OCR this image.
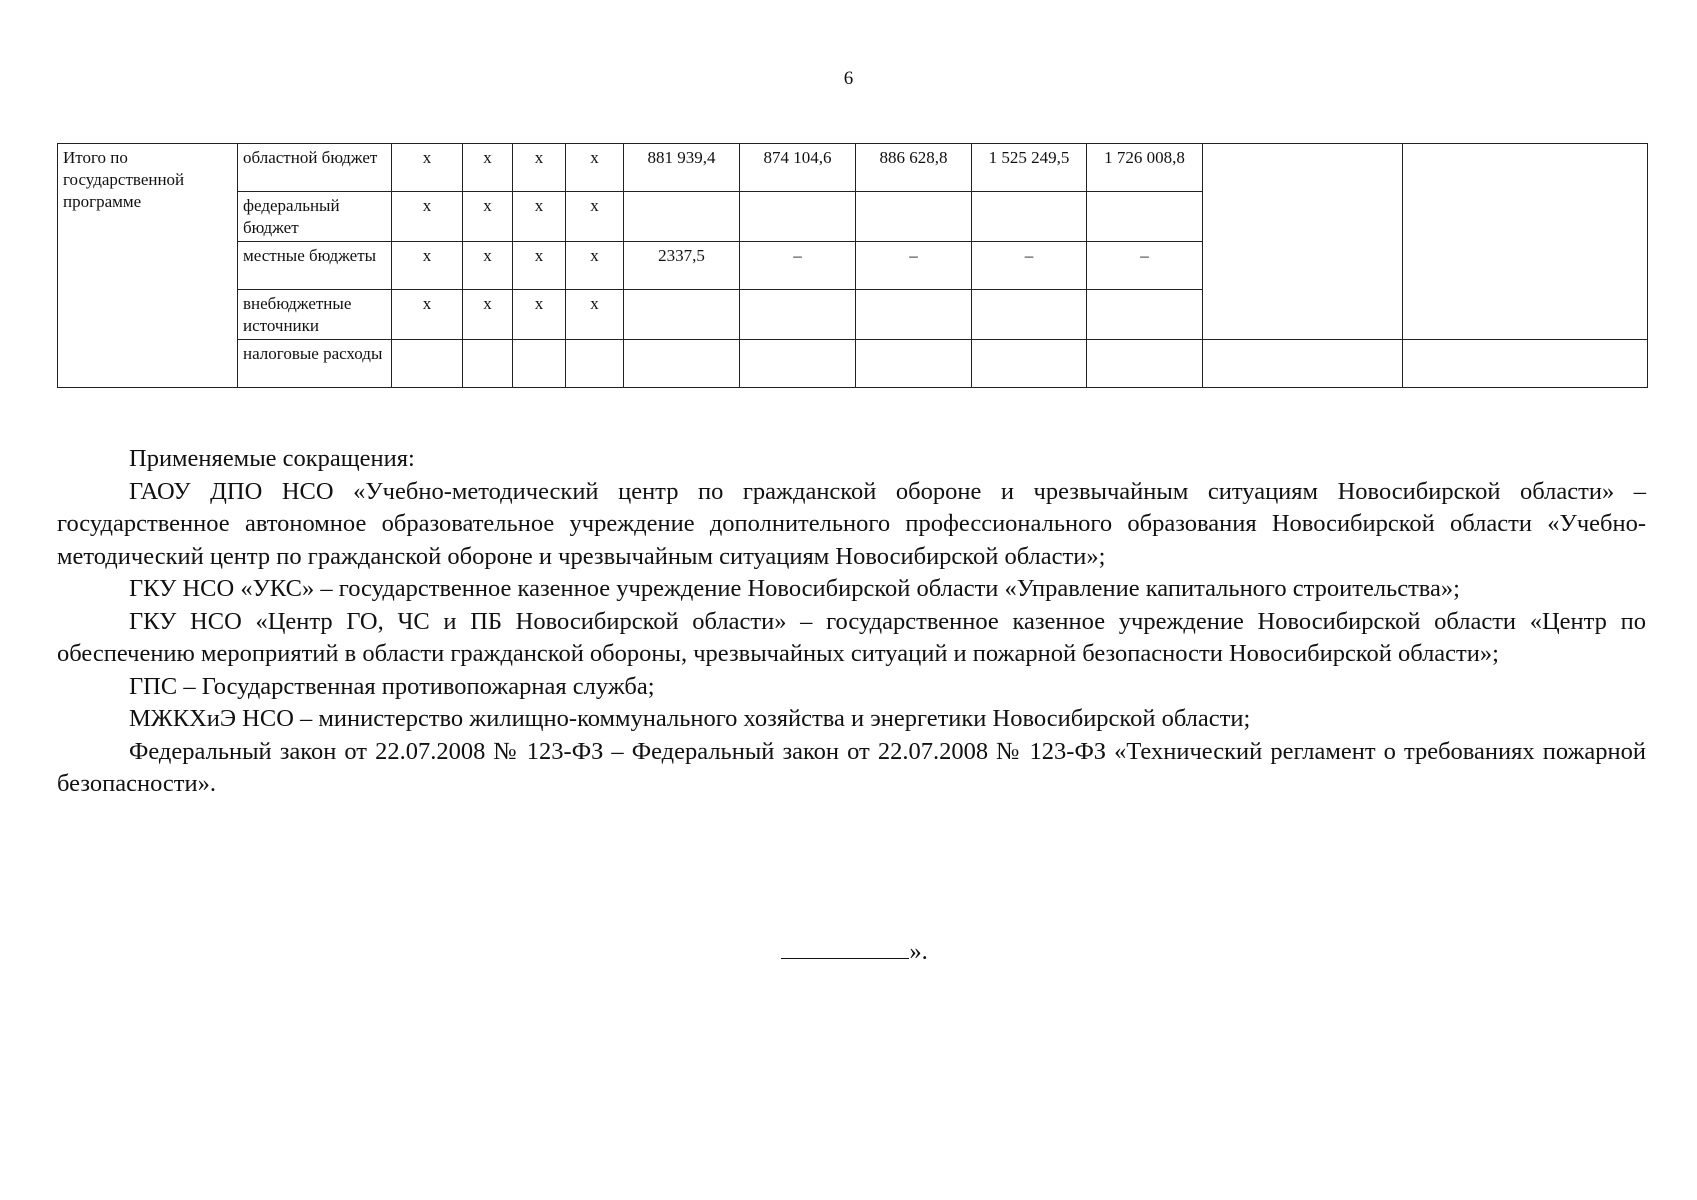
6
Итого по государственной программе	областной бюджет	х	х	х	х	881 939,4	874 104,6	886 628,8	1 525 249,5	1 726 008,8		
	федеральный бюджет	х	х	х	х							
	местные бюджеты	х	х	х	х	2337,5	–	–	–	–		
	внебюджетные источники	х	х	х	х							
	налоговые расходы											

Применяемые сокращения:

ГАОУ ДПО НСО «Учебно-методический центр по гражданской обороне и чрезвычайным ситуациям Новосибирской области» – государственное автономное образовательное учреждение дополнительного профессионального образования Новосибирской области «Учебно-методический центр по гражданской обороне и чрезвычайным ситуациям Новосибирской области»;

ГКУ НСО «УКС» – государственное казенное учреждение Новосибирской области «Управление капитального строительства»;

ГКУ НСО «Центр ГО, ЧС и ПБ Новосибирской области» – государственное казенное учреждение Новосибирской области «Центр по обеспечению мероприятий в области гражданской обороны, чрезвычайных ситуаций и пожарной безопасности Новосибирской области»;

ГПС – Государственная противопожарная служба;

МЖКХиЭ НСО – министерство жилищно-коммунального хозяйства и энергетики Новосибирской области;

Федеральный закон от 22.07.2008 № 123-ФЗ – Федеральный закон от 22.07.2008 № 123-ФЗ «Технический регламент о требованиях пожарной безопасности».

».
